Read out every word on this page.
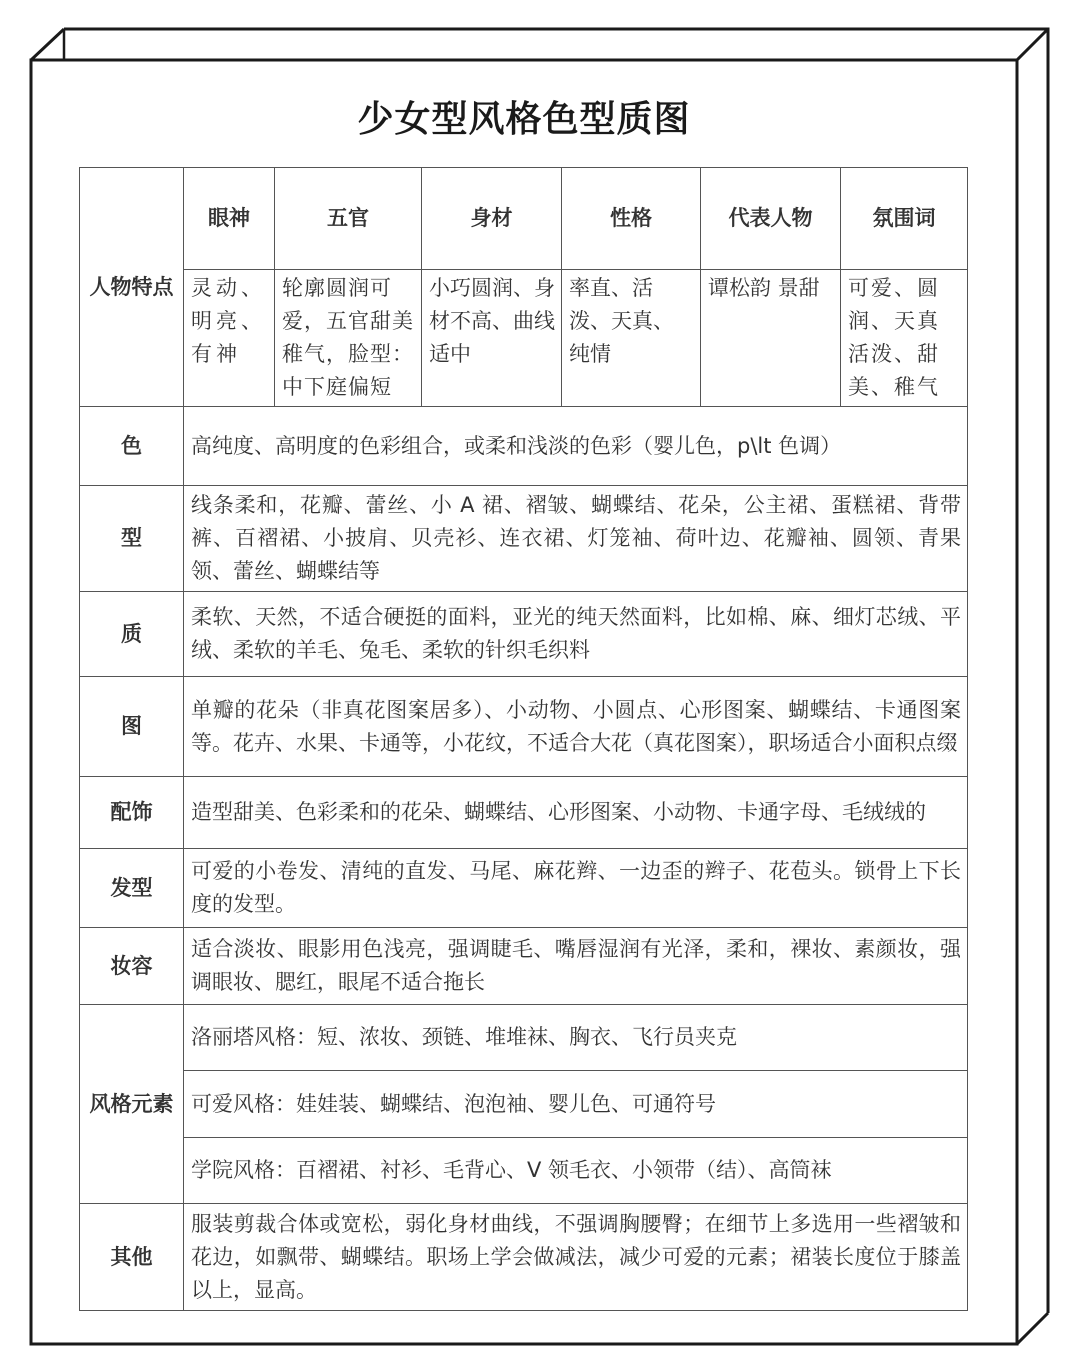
少女型风格色型质图
人物特点	眼神	五官	身材	性格	代表人物	氛围词
	灵动、明亮、有神	轮廓圆润可爱，五官甜美稚气，脸型：中下庭偏短	小巧圆润、身材不高、曲线适中	率直、活泼、天真、纯情	谭松韵 景甜	可爱、圆润、天真活泼、甜美、稚气
色	高纯度、高明度的色彩组合，或柔和浅淡的色彩（婴儿色，p\lt 色调）					
型	线条柔和，花瓣、蕾丝、小 A 裙、褶皱、蝴蝶结、花朵，公主裙、蛋糕裙、背带裤、百褶裙、小披肩、贝壳衫、连衣裙、灯笼袖、荷叶边、花瓣袖、圆领、青果领、蕾丝、蝴蝶结等					
质	柔软、天然，不适合硬挺的面料，亚光的纯天然面料，比如棉、麻、细灯芯绒、平绒、柔软的羊毛、兔毛、柔软的针织毛织料					
图	单瓣的花朵（非真花图案居多）、小动物、小圆点、心形图案、蝴蝶结、卡通图案等。花卉、水果、卡通等，小花纹，不适合大花（真花图案），职场适合小面积点缀					
配饰	造型甜美、色彩柔和的花朵、蝴蝶结、心形图案、小动物、卡通字母、毛绒绒的					
发型	可爱的小卷发、清纯的直发、马尾、麻花辫、一边歪的辫子、花苞头。锁骨上下长度的发型。					
妆容	适合淡妆、眼影用色浅亮，强调睫毛、嘴唇湿润有光泽，柔和，裸妆、素颜妆，强调眼妆、腮红，眼尾不适合拖长					
风格元素	洛丽塔风格：短、浓妆、颈链、堆堆袜、胸衣、飞行员夹克					
	可爱风格：娃娃装、蝴蝶结、泡泡袖、婴儿色、可通符号					
	学院风格：百褶裙、衬衫、毛背心、V 领毛衣、小领带（结）、高筒袜					
其他	服装剪裁合体或宽松，弱化身材曲线，不强调胸腰臀；在细节上多选用一些褶皱和花边，如飘带、蝴蝶结。职场上学会做减法，减少可爱的元素；裙装长度位于膝盖以上，显高。					
